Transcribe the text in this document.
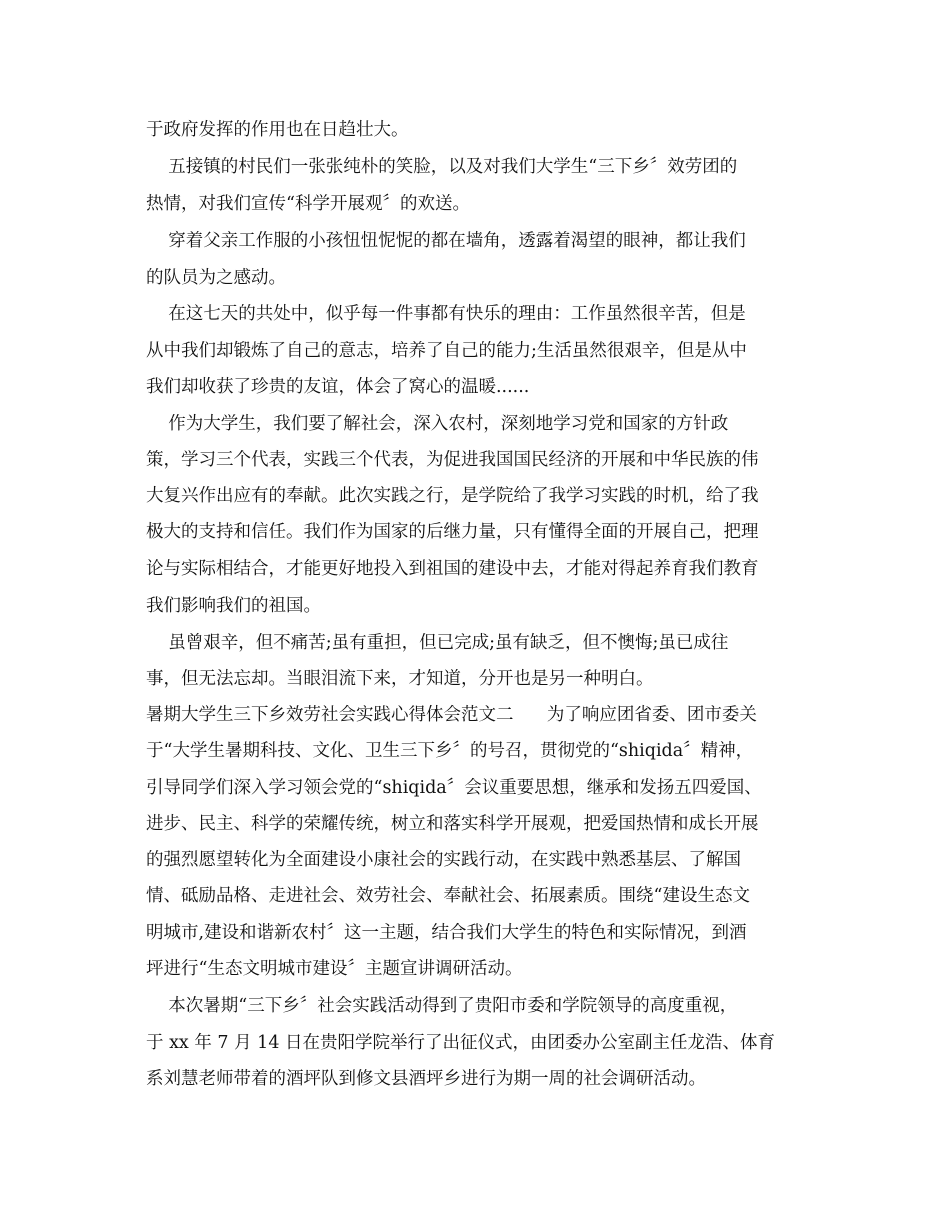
于政府发挥的作用也在日趋壮大。
五接镇的村民们一张张纯朴的笑脸，以及对我们大学生“三下乡〞效劳团的
热情，对我们宣传“科学开展观〞的欢送。
穿着父亲工作服的小孩忸忸怩怩的都在墙角，透露着渴望的眼神，都让我们
的队员为之感动。
在这七天的共处中，似乎每一件事都有快乐的理由：工作虽然很辛苦，但是
从中我们却锻炼了自己的意志，培养了自己的能力;生活虽然很艰辛，但是从中
我们却收获了珍贵的友谊，体会了窝心的温暖......
作为大学生，我们要了解社会，深入农村，深刻地学习党和国家的方针政
策，学习三个代表，实践三个代表，为促进我国国民经济的开展和中华民族的伟
大复兴作出应有的奉献。此次实践之行，是学院给了我学习实践的时机，给了我
极大的支持和信任。我们作为国家的后继力量，只有懂得全面的开展自己，把理
论与实际相结合，才能更好地投入到祖国的建设中去，才能对得起养育我们教育
我们影响我们的祖国。
虽曾艰辛，但不痛苦;虽有重担，但已完成;虽有缺乏，但不懊悔;虽已成往
事，但无法忘却。当眼泪流下来，才知道，分开也是另一种明白。
暑期大学生三下乡效劳社会实践心得体会范文二      为了响应团省委、团市委关
于“大学生暑期科技、文化、卫生三下乡〞的号召，贯彻党的“shiqida〞精神，
引导同学们深入学习领会党的“shiqida〞会议重要思想，继承和发扬五四爱国、
进步、民主、科学的荣耀传统，树立和落实科学开展观，把爱国热情和成长开展
的强烈愿望转化为全面建设小康社会的实践行动，在实践中熟悉基层、了解国
情、砥励品格、走进社会、效劳社会、奉献社会、拓展素质。围绕“建设生态文
明城市,建设和谐新农村〞这一主题，结合我们大学生的特色和实际情况，到酒
坪进行“生态文明城市建设〞主题宣讲调研活动。
本次暑期“三下乡〞社会实践活动得到了贵阳市委和学院领导的高度重视，
于 xx 年 7 月 14 日在贵阳学院举行了出征仪式，由团委办公室副主任龙浩、体育
系刘慧老师带着的酒坪队到修文县酒坪乡进行为期一周的社会调研活动。
